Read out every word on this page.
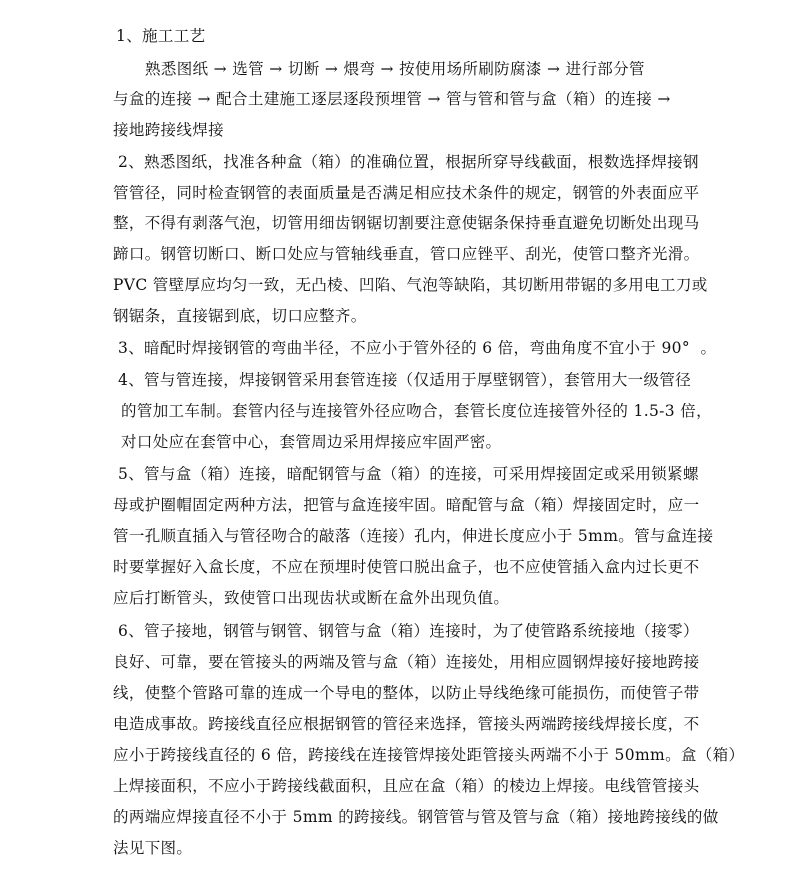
1、施工工艺
熟悉图纸 → 选管 → 切断 → 煨弯 → 按使用场所刷防腐漆 → 进行部分管
与盒的连接 → 配合土建施工逐层逐段预埋管 → 管与管和管与盒（箱）的连接 →
接地跨接线焊接
2、熟悉图纸，找准各种盒（箱）的准确位置，根据所穿导线截面，根数选择焊接钢
管管径，同时检查钢管的表面质量是否满足相应技术条件的规定，钢管的外表面应平
整，不得有剥落气泡，切管用细齿钢锯切割要注意使锯条保持垂直避免切断处出现马
蹄口。钢管切断口、断口处应与管轴线垂直，管口应锉平、刮光，使管口整齐光滑。
PVC 管壁厚应均匀一致，无凸棱、凹陷、气泡等缺陷，其切断用带锯的多用电工刀或
钢锯条，直接锯到底，切口应整齐。
3、暗配时焊接钢管的弯曲半径，不应小于管外径的 6 倍，弯曲角度不宜小于 90°  。
4、管与管连接，焊接钢管采用套管连接（仅适用于厚壁钢管），套管用大一级管径
的管加工车制。套管内径与连接管外径应吻合，套管长度位连接管外径的 1.5-3 倍，
对口处应在套管中心，套管周边采用焊接应牢固严密。
5、管与盒（箱）连接，暗配钢管与盒（箱）的连接，可采用焊接固定或采用锁紧螺
母或护圈帽固定两种方法，把管与盒连接牢固。暗配管与盒（箱）焊接固定时，应一
管一孔顺直插入与管径吻合的敲落（连接）孔内，伸进长度应小于 5mm。管与盒连接
时要掌握好入盒长度，不应在预埋时使管口脱出盒子，也不应使管插入盒内过长更不
应后打断管头，致使管口出现齿状或断在盒外出现负值。
6、管子接地，钢管与钢管、钢管与盒（箱）连接时，为了使管路系统接地（接零）
良好、可靠，要在管接头的两端及管与盒（箱）连接处，用相应圆钢焊接好接地跨接
线，使整个管路可靠的连成一个导电的整体，以防止导线绝缘可能损伤，而使管子带
电造成事故。跨接线直径应根据钢管的管径来选择，管接头两端跨接线焊接长度，不
应小于跨接线直径的 6 倍，跨接线在连接管焊接处距管接头两端不小于 50mm。盒（箱）
上焊接面积，不应小于跨接线截面积，且应在盒（箱）的棱边上焊接。电线管管接头
的两端应焊接直径不小于 5mm 的跨接线。钢管管与管及管与盒（箱）接地跨接线的做
法见下图。
